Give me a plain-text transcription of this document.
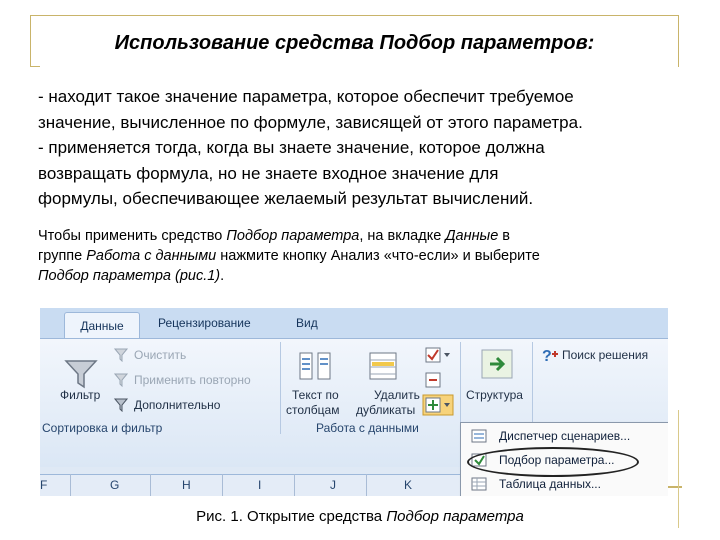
Использование средства Подбор параметров:

- находит такое значение параметра, которое обеспечит требуемое
значение, вычисленное по формуле, зависящей от этого параметра.
- применяется тогда, когда вы знаете значение, которое должна
возвращать формула, но не знаете входное значение для
формулы, обеспечивающее желаемый результат вычислений.

Чтобы применить средство Подбор параметра, на вкладке Данные в
группе Работа с данными нажмите кнопку Анализ «что-если» и выберите
Подбор параметра (рис.1).

Данные	Рецензирование	Вид
Фильтр
Очистить
Применить повторно
Дополнительно
Сортировка и фильтр
Текст по
столбцам
Удалить
дубликаты
Работа с данными
Структура
? Поиск решения
F	G	H	I	J	K
Диспетчер сценариев...
Подбор параметра...
Таблица данных...
Рис. 1. Открытие средства Подбор параметра
